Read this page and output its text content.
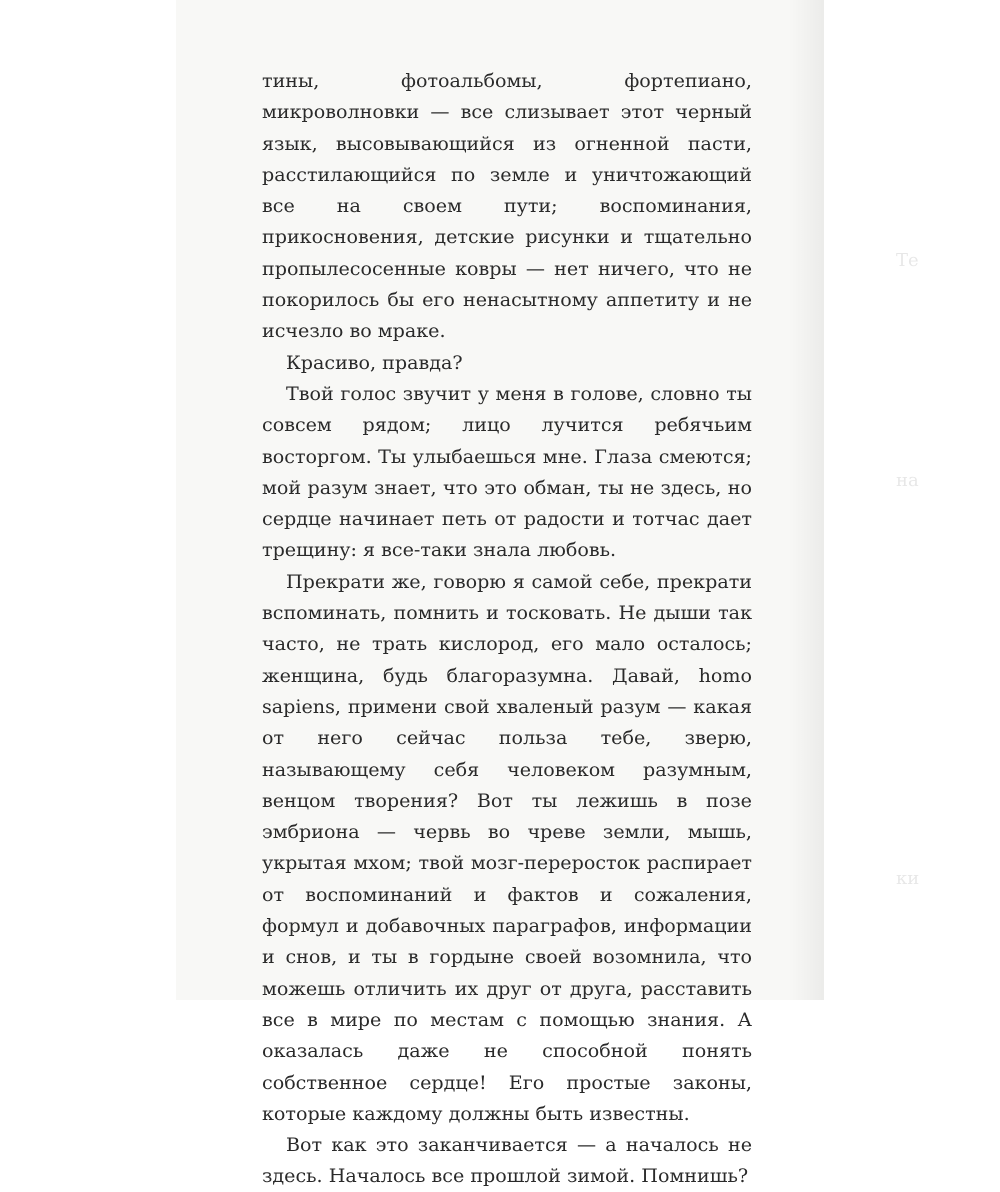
Те
на
ки

тины, фотоальбомы, фортепиано, микроволновки — все слизывает этот черный язык, высовывающийся из огненной пасти, расстилающийся по земле и уничтожающий все на своем пути; воспоминания, прикосновения, детские рисунки и тщательно пропылесосенные ковры — нет ничего, что не покорилось бы его ненасытному аппетиту и не исчезло во мраке.

Красиво, правда?

Твой голос звучит у меня в голове, словно ты совсем рядом; лицо лучится ребячьим восторгом. Ты улыбаешься мне. Глаза смеются; мой разум знает, что это обман, ты не здесь, но сердце начинает петь от радости и тотчас дает трещину: я все-таки знала любовь.

Прекрати же, говорю я самой себе, прекрати вспоминать, помнить и тосковать. Не дыши так часто, не трать кислород, его мало осталось; женщина, будь благоразумна. Давай, homo sapiens, примени свой хваленый разум — какая от него сейчас польза тебе, зверю, называющему себя человеком разумным, венцом творения? Вот ты лежишь в позе эмбриона — червь во чреве земли, мышь, укрытая мхом; твой мозг-переросток распирает от воспоминаний и фактов и сожаления, формул и добавочных параграфов, информации и снов, и ты в гордыне своей возомнила, что можешь отличить их друг от друга, расставить все в мире по местам с помощью знания. А оказалась даже не способной понять собственное сердце! Его простые законы, которые каждому должны быть известны.

Вот как это заканчивается — а началось не здесь. Началось все прошлой зимой. Помнишь?
